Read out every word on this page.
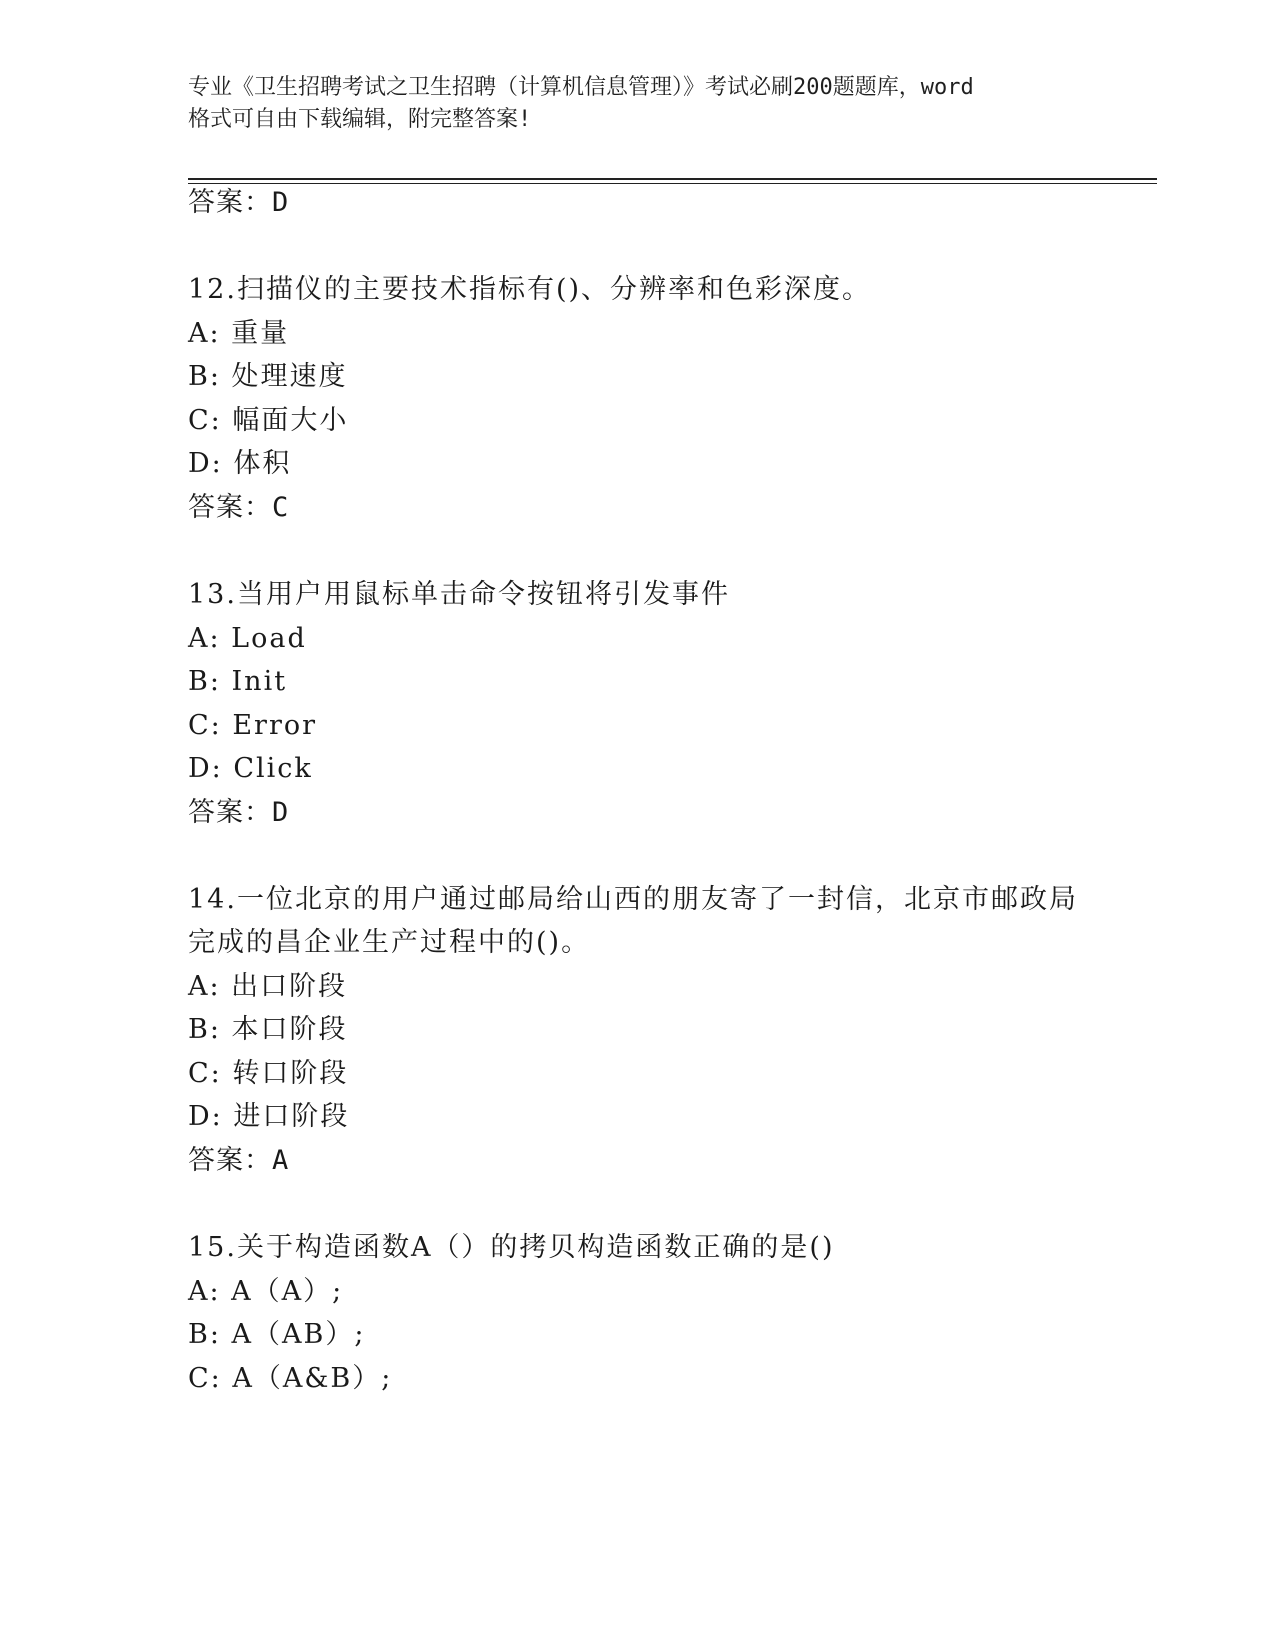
专业《卫生招聘考试之卫生招聘（计算机信息管理）》考试必刷200题题库，word
格式可自由下载编辑，附完整答案!
答案：D
12.扫描仪的主要技术指标有()、分辨率和色彩深度。
A: 重量
B: 处理速度
C: 幅面大小
D: 体积
答案：C
13.当用户用鼠标单击命令按钮将引发事件
A: Load
B: Init
C: Error
D: Click
答案：D
14.一位北京的用户通过邮局给山西的朋友寄了一封信，北京市邮政局
完成的昌企业生产过程中的()。
A: 出口阶段
B: 本口阶段
C: 转口阶段
D: 进口阶段
答案：A
15.关于构造函数A（）的拷贝构造函数正确的是()
A: A（A）;
B: A（AB）;
C: A（A&B）;
